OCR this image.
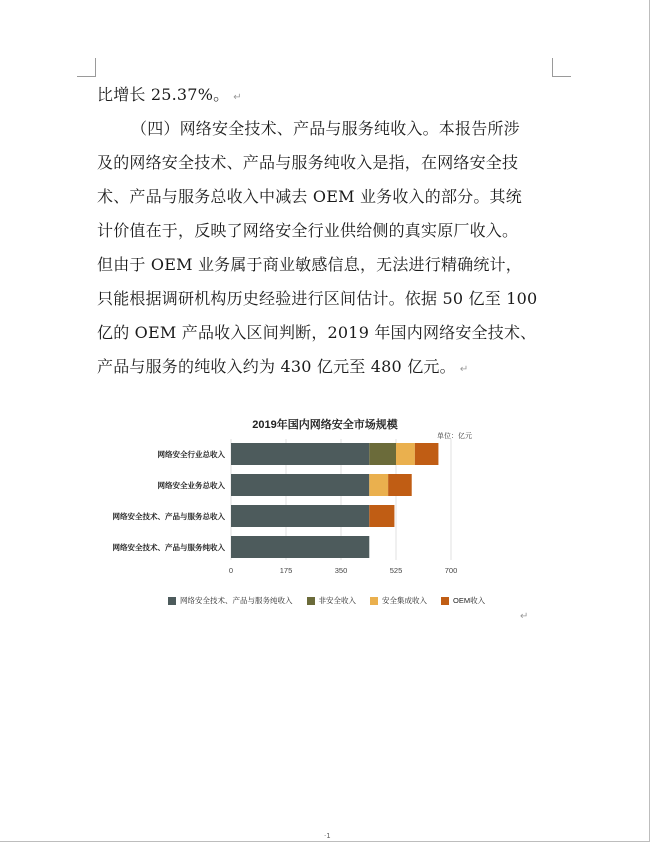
比增长 25.37%。 ↵
（四）网络安全技术、产品与服务纯收入。本报告所涉
及的网络安全技术、产品与服务纯收入是指，在网络安全技
术、产品与服务总收入中减去 OEM 业务收入的部分。其统
计价值在于，反映了网络安全行业供给侧的真实原厂收入。
但由于 OEM 业务属于商业敏感信息，无法进行精确统计，
只能根据调研机构历史经验进行区间估计。依据 50 亿至 100
亿的 OEM 产品收入区间判断，2019 年国内网络安全技术、
产品与服务的纯收入约为 430 亿元至 480 亿元。 ↵
2019年国内网络安全市场规模
单位：亿元
网络安全行业总收入
网络安全业务总收入
网络安全技术、产品与服务总收入
网络安全技术、产品与服务纯收入
0	175	350	525	700
网络安全技术、产品与服务纯收入	非安全收入	安全集成收入	OEM收入
↵
·1
